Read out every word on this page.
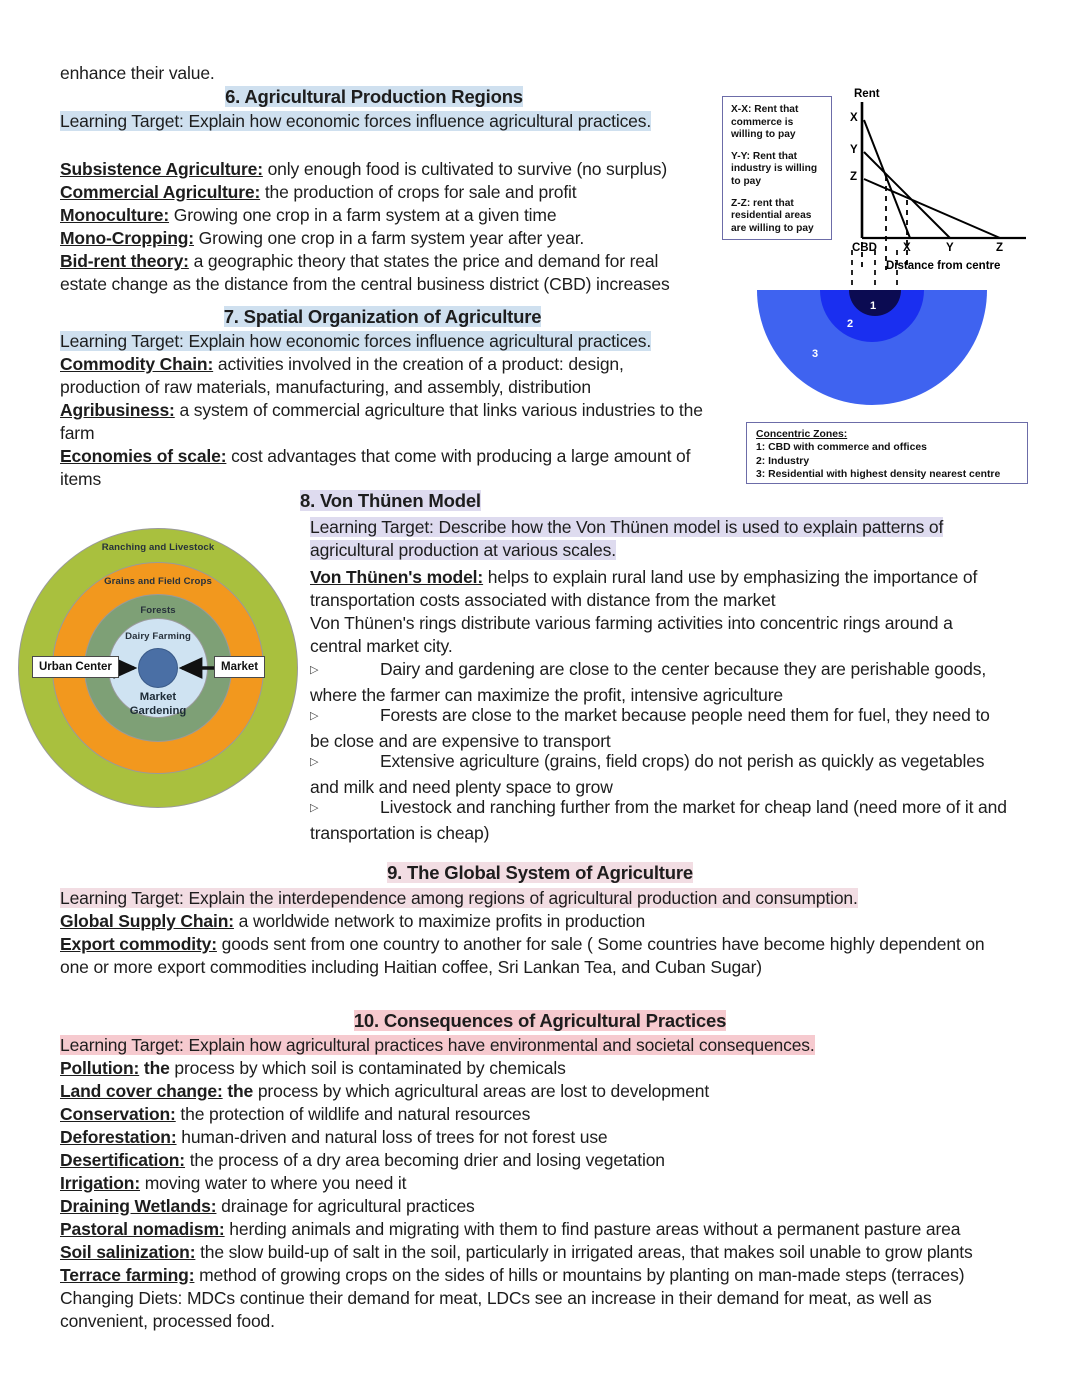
enhance their value.
6. Agricultural Production Regions
Learning Target: Explain how economic forces influence agricultural practices.
Subsistence Agriculture: only enough food is cultivated to survive (no surplus)
Commercial Agriculture: the production of crops for sale and profit
Monoculture: Growing one crop in a farm system at a given time
Mono-Cropping: Growing one crop in a farm system year after year.
Bid-rent theory: a geographic theory that states the price and demand for real estate change as the distance from the central business district (CBD) increases
7. Spatial Organization of Agriculture
Learning Target: Explain how economic forces influence agricultural practices.
Commodity Chain: activities involved in the creation of a product: design, production of raw materials, manufacturing, and assembly, distribution
Agribusiness: a system of commercial agriculture that links various industries to the farm
Economies of scale: cost advantages that come with producing a large amount of items
8. Von Thünen Model
Learning Target: Describe how the Von Thünen model is used to explain patterns of agricultural production at various scales.
Von Thünen's model: helps to explain rural land use by emphasizing the importance of transportation costs associated with distance from the market
Von Thünen's rings distribute various farming activities into concentric rings around a central market city.
▷	Dairy and gardening are close to the center because they are perishable goods, where the farmer can maximize the profit, intensive agriculture
▷	Forests are close to the market because people need them for fuel, they need to be close and are expensive to transport
▷	Extensive agriculture (grains, field crops) do not perish as quickly as vegetables and milk and need plenty space to grow
▷	Livestock and ranching further from the market for cheap land (need more of it and transportation is cheap)
9. The Global System of Agriculture
Learning Target: Explain the interdependence among regions of agricultural production and consumption.
Global Supply Chain: a worldwide network to maximize profits in production
Export commodity: goods sent from one country to another for sale ( Some countries have become highly dependent on one or more export commodities including Haitian coffee, Sri Lankan Tea, and Cuban Sugar)
10. Consequences of Agricultural Practices
Learning Target: Explain how agricultural practices have environmental and societal consequences.
Pollution: the process by which soil is contaminated by chemicals
Land cover change: the process by which agricultural areas are lost to development
Conservation: the protection of wildlife and natural resources
Deforestation: human-driven and natural loss of trees for not forest use
Desertification: the process of a dry area becoming drier and losing vegetation
Irrigation: moving water to where you need it
Draining Wetlands: drainage for agricultural practices
Pastoral nomadism: herding animals and migrating with them to find pasture areas without a permanent pasture area
Soil salinization: the slow build-up of salt in the soil, particularly in irrigated areas, that makes soil unable to grow plants
Terrace farming: method of growing crops on the sides of hills or mountains by planting on man-made steps (terraces)
Changing Diets: MDCs continue their demand for meat, LDCs see an increase in their demand for meat, as well as convenient, processed food.

X-X: Rent that commerce is willing to pay

Y-Y: Rent that industry is willing to pay

Z-Z: rent that residential areas are willing to pay

Rent
X
Y
Z
CBD X	Y	Z
Distance from centre
1
2
3
Concentric Zones:
1: CBD with commerce and offices
2: Industry
3: Residential with highest density nearest centre
Ranching and Livestock
Grains and Field Crops
Forests
Dairy Farming
Market Gardening
Urban Center	Market
